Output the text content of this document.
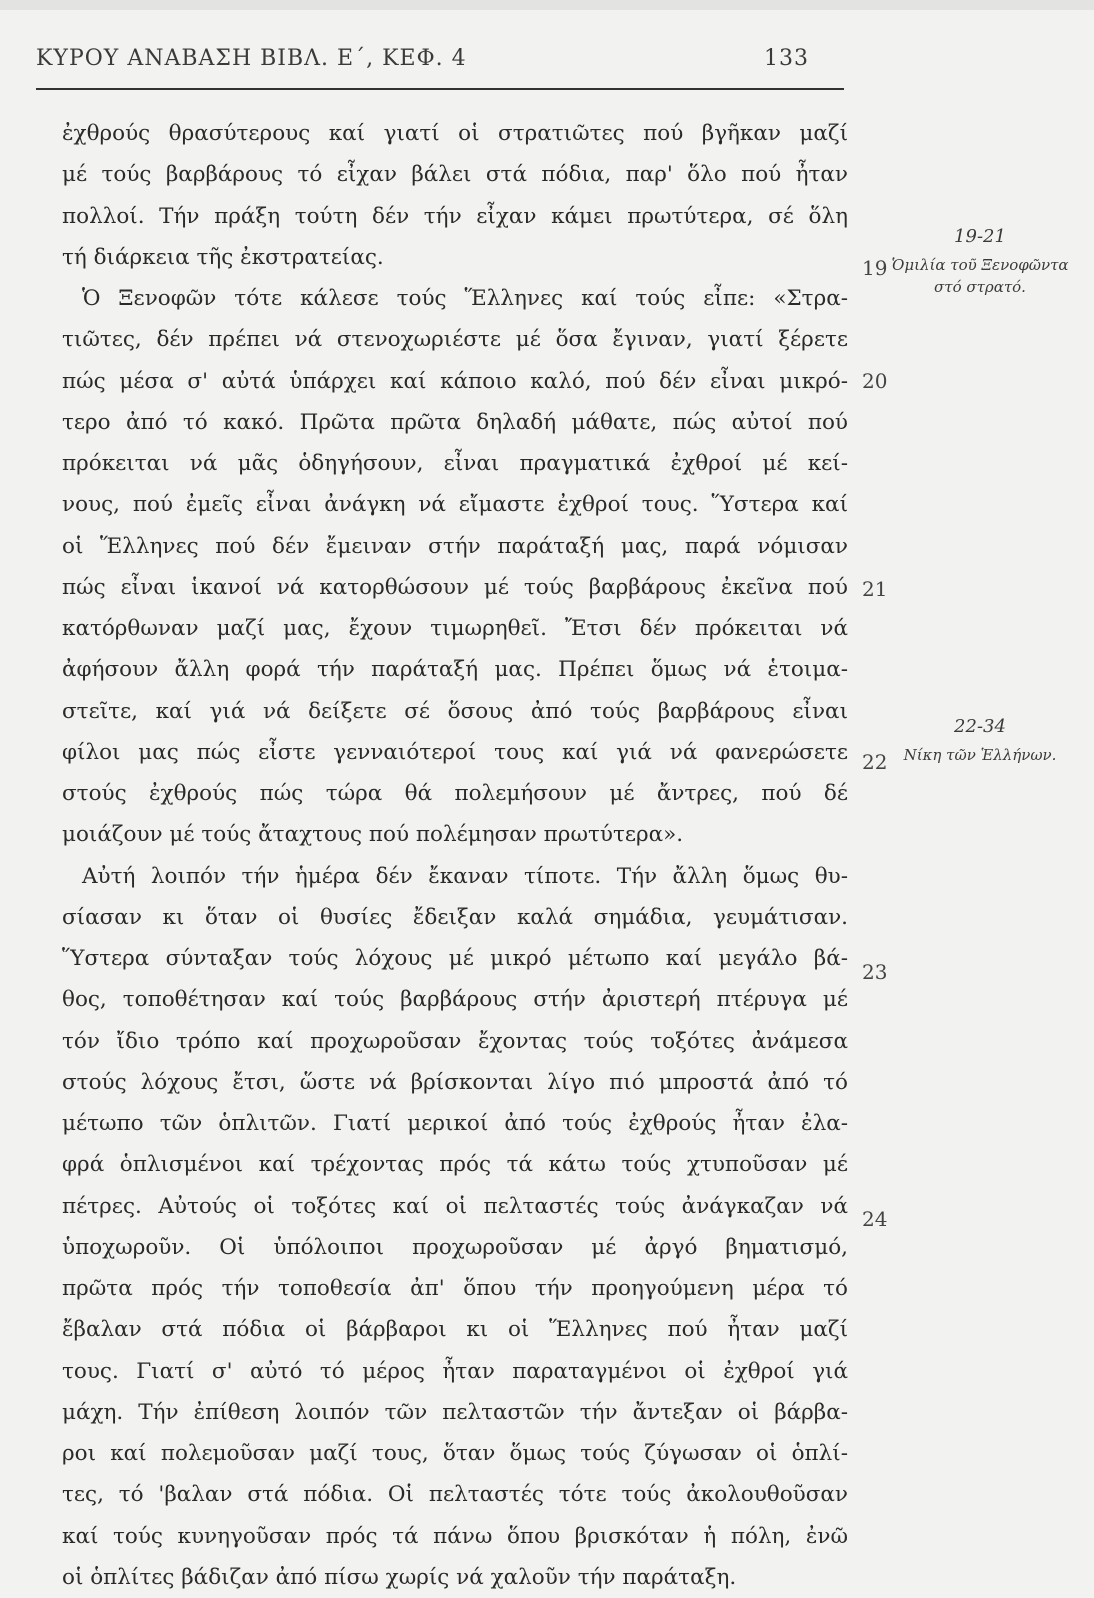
ΚΥΡΟΥ ΑΝΑΒΑΣΗ ΒΙΒΛ. Ε΄, ΚΕΦ. 4	133
ἐχθρούς θρασύτερους καί γιατί οἱ στρατιῶτες πού βγῆκαν μαζί
μέ τούς βαρβάρους τό εἶχαν βάλει στά πόδια, παρ' ὅλο πού ἦταν
πολλοί. Τήν πράξη τούτη δέν τήν εἶχαν κάμει πρωτύτερα, σέ ὅλη
τή διάρκεια τῆς ἐκστρατείας.
Ὁ Ξενοφῶν τότε κάλεσε τούς Ἕλληνες καί τούς εἶπε: «Στρα-
τιῶτες, δέν πρέπει νά στενοχωριέστε μέ ὅσα ἔγιναν, γιατί ξέρετε
πώς μέσα σ' αὐτά ὑπάρχει καί κάποιο καλό, πού δέν εἶναι μικρό-
τερο ἀπό τό κακό. Πρῶτα πρῶτα δηλαδή μάθατε, πώς αὐτοί πού
πρόκειται νά μᾶς ὁδηγήσουν, εἶναι πραγματικά ἐχθροί μέ κεί-
νους, πού ἐμεῖς εἶναι ἀνάγκη νά εἴμαστε ἐχθροί τους. Ὕστερα καί
οἱ Ἕλληνες πού δέν ἔμειναν στήν παράταξή μας, παρά νόμισαν
πώς εἶναι ἱκανοί νά κατορθώσουν μέ τούς βαρβάρους ἐκεῖνα πού
κατόρθωναν μαζί μας, ἔχουν τιμωρηθεῖ. Ἔτσι δέν πρόκειται νά
ἀφήσουν ἄλλη φορά τήν παράταξή μας. Πρέπει ὅμως νά ἑτοιμα-
στεῖτε, καί γιά νά δείξετε σέ ὅσους ἀπό τούς βαρβάρους εἶναι
φίλοι μας πώς εἶστε γενναιότεροί τους καί γιά νά φανερώσετε
στούς ἐχθρούς πώς τώρα θά πολεμήσουν μέ ἄντρες, πού δέ
μοιάζουν μέ τούς ἄταχτους πού πολέμησαν πρωτύτερα».
Αὐτή λοιπόν τήν ἡμέρα δέν ἔκαναν τίποτε. Τήν ἄλλη ὅμως θυ-
σίασαν κι ὅταν οἱ θυσίες ἔδειξαν καλά σημάδια, γευμάτισαν.
Ὕστερα σύνταξαν τούς λόχους μέ μικρό μέτωπο καί μεγάλο βά-
θος, τοποθέτησαν καί τούς βαρβάρους στήν ἀριστερή πτέρυγα μέ
τόν ἴδιο τρόπο καί προχωροῦσαν ἔχοντας τούς τοξότες ἀνάμεσα
στούς λόχους ἔτσι, ὥστε νά βρίσκονται λίγο πιό μπροστά ἀπό τό
μέτωπο τῶν ὁπλιτῶν. Γιατί μερικοί ἀπό τούς ἐχθρούς ἦταν ἐλα-
φρά ὁπλισμένοι καί τρέχοντας πρός τά κάτω τούς χτυποῦσαν μέ
πέτρες. Αὐτούς οἱ τοξότες καί οἱ πελταστές τούς ἀνάγκαζαν νά
ὑποχωροῦν. Οἱ ὑπόλοιποι προχωροῦσαν μέ ἀργό βηματισμό,
πρῶτα πρός τήν τοποθεσία ἀπ' ὅπου τήν προηγούμενη μέρα τό
ἔβαλαν στά πόδια οἱ βάρβαροι κι οἱ Ἕλληνες πού ἦταν μαζί
τους. Γιατί σ' αὐτό τό μέρος ἦταν παραταγμένοι οἱ ἐχθροί γιά
μάχη. Τήν ἐπίθεση λοιπόν τῶν πελταστῶν τήν ἄντεξαν οἱ βάρβα-
ροι καί πολεμοῦσαν μαζί τους, ὅταν ὅμως τούς ζύγωσαν οἱ ὁπλί-
τες, τό 'βαλαν στά πόδια. Οἱ πελταστές τότε τούς ἀκολουθοῦσαν
καί τούς κυνηγοῦσαν πρός τά πάνω ὅπου βρισκόταν ἡ πόλη, ἐνῶ
οἱ ὁπλίτες βάδιζαν ἀπό πίσω χωρίς νά χαλοῦν τήν παράταξη.
19
20
21
22
23
24
19-21
Ὁμιλία τοῦ Ξενοφῶντα στό στρατό.
22-34
Νίκη τῶν Ἑλλήνων.
